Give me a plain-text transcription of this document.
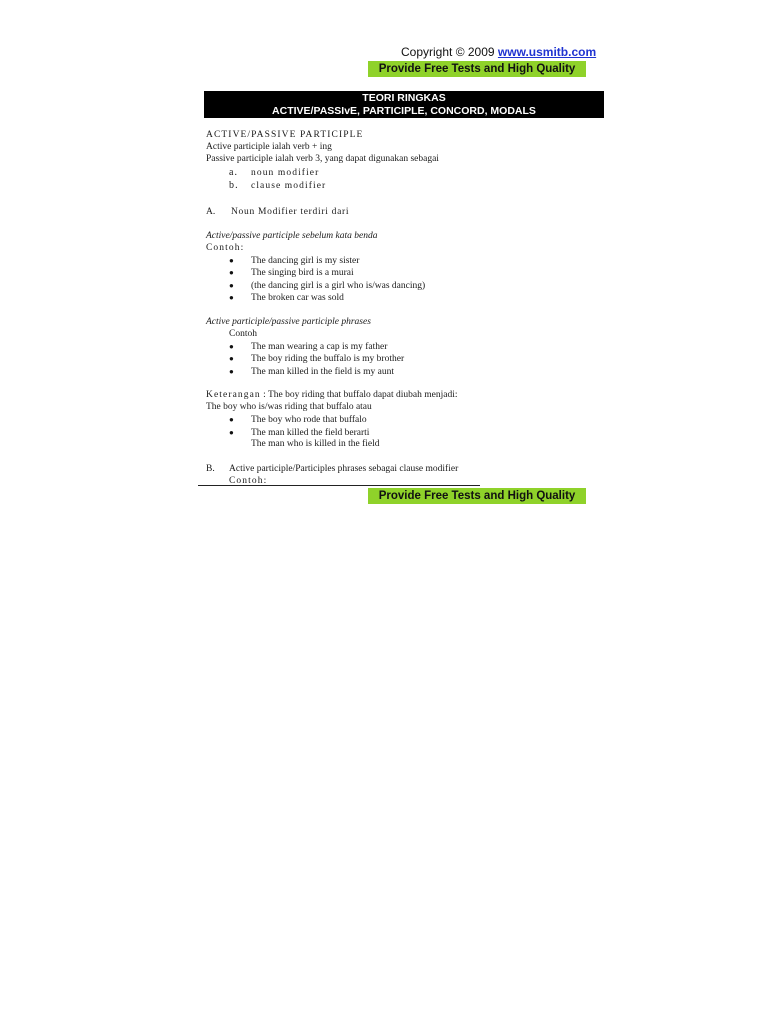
Copyright © 2009 www.usmitb.com
Provide Free Tests and High Quality
TEORI RINGKAS
ACTIVE/PASSIvE, PARTICIPLE, CONCORD, MODALS
ACTIVE/PASSIVE PARTICIPLE
Active participle ialah verb + ing
Passive participle ialah verb 3, yang dapat digunakan sebagai
a. noun modifier
b. clause modifier
A. Noun Modifier terdiri dari
Active/passive participle sebelum kata benda
Contoh:
● The dancing girl is my sister
● The singing bird is a murai
● (the dancing girl is a girl who is/was dancing)
● The broken car was sold
Active participle/passive participle phrases
Contoh
● The man wearing a cap is my father
● The boy riding the buffalo is my brother
● The man killed in the field is my aunt
Keterangan : The boy riding that buffalo dapat diubah menjadi:
The boy who is/was riding that buffalo atau
● The boy who rode that buffalo
● The man killed the field berarti
The man who is killed in the field
B. Active participle/Participles phrases sebagai clause modifier
Contoh:
Provide Free Tests and High Quality
